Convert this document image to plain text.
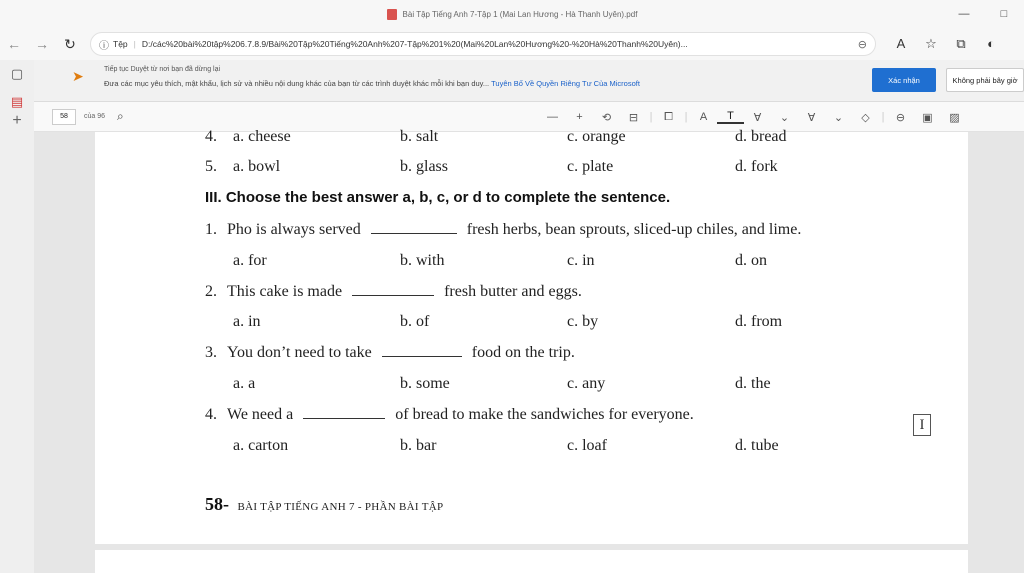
Bài Tập Tiếng Anh 7-Tập 1 (Mai Lan Hương - Hà Thanh Uyên).pdf	—	□
←	→	↻	ⓘ Tệp | D:/các%20bài%20tập%206.7.8.9/Bài%20Tập%20Tiếng%20Anh%207-Tập%201%20(Mai%20Lan%20Hương%20-%20Hà%20Thanh%20Uyên)...	⊖	A	☆	⧉	◐
▢
▤
+
➤	Tiếp tục Duyệt từ nơi bạn đã dừng lại
Đưa các mục yêu thích, mật khẩu, lịch sử và nhiều nội dung khác của bạn từ các trình duyệt khác mỗi khi bạn duy... Tuyên Bố Về Quyền Riêng Tư Của Microsoft	Xác nhận	Không phải bây giờ
58	của 96 ⌕	—	+	⟲	⊟	|	⧠	|	A	T	∀	⌄	∀	⌄	◇	|	⊖	▣	▨
4. a. cheese	b. salt	c. orange	d. bread
5. a. bowl	b. glass	c. plate	d. fork
III. Choose the best answer a, b, c, or d to complete the sentence.
1. Pho is always served	fresh herbs, bean sprouts, sliced-up chiles, and lime.
a. for	b. with	c. in	d. on
2. This cake is made	fresh butter and eggs.
a. in	b. of	c. by	d. from
3. You don’t need to take	food on the trip.
a. a	b. some	c. any	d. the
4. We need a	of bread to make the sandwiches for everyone.
a. carton	b. bar	c. loaf	d. tube
I
58- BÀI TẬP TIẾNG ANH 7 - PHẦN BÀI TẬP
